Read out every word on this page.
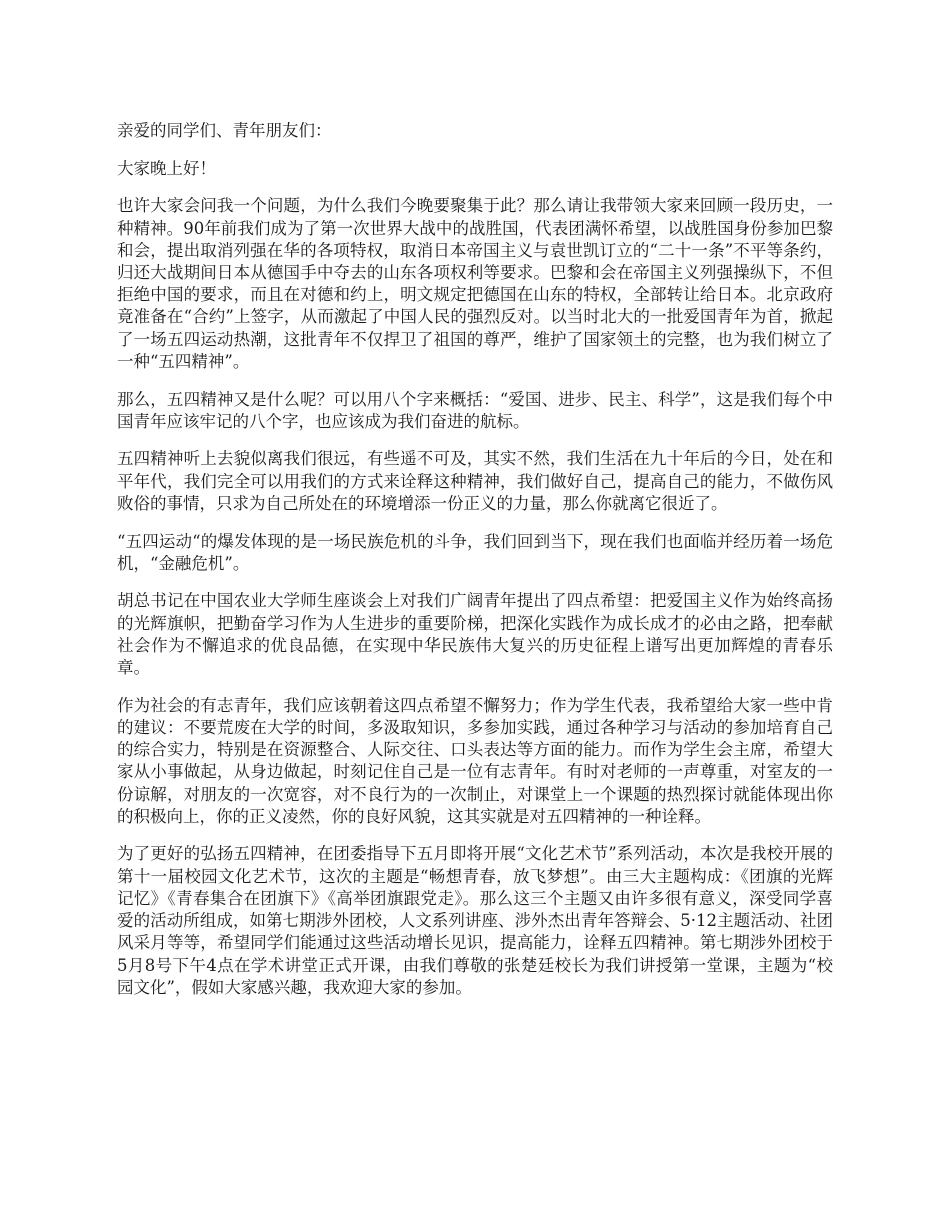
亲爱的同学们、青年朋友们：

大家晚上好！

也许大家会问我一个问题，为什么我们今晚要聚集于此？那么请让我带领大家来回顾一段历史，一种精神。90年前我们成为了第一次世界大战中的战胜国，代表团满怀希望，以战胜国身份参加巴黎和会，提出取消列强在华的各项特权，取消日本帝国主义与袁世凯订立的“二十一条”不平等条约，归还大战期间日本从德国手中夺去的山东各项权利等要求。巴黎和会在帝国主义列强操纵下，不但拒绝中国的要求，而且在对德和约上，明文规定把德国在山东的特权，全部转让给日本。北京政府竟准备在“合约”上签字，从而激起了中国人民的强烈反对。以当时北大的一批爱国青年为首，掀起了一场五四运动热潮，这批青年不仅捍卫了祖国的尊严，维护了国家领土的完整，也为我们树立了一种“五四精神”。

那么，五四精神又是什么呢？可以用八个字来概括：“爱国、进步、民主、科学”，这是我们每个中国青年应该牢记的八个字，也应该成为我们奋进的航标。

五四精神听上去貌似离我们很远，有些遥不可及，其实不然，我们生活在九十年后的今日，处在和平年代，我们完全可以用我们的方式来诠释这种精神，我们做好自己，提高自己的能力，不做伤风败俗的事情，只求为自己所处在的环境增添一份正义的力量，那么你就离它很近了。

“五四运动“的爆发体现的是一场民族危机的斗争，我们回到当下，现在我们也面临并经历着一场危机，“金融危机”。

胡总书记在中国农业大学师生座谈会上对我们广阔青年提出了四点希望：把爱国主义作为始终高扬的光辉旗帜，把勤奋学习作为人生进步的重要阶梯，把深化实践作为成长成才的必由之路，把奉献社会作为不懈追求的优良品德，在实现中华民族伟大复兴的历史征程上谱写出更加辉煌的青春乐章。

作为社会的有志青年，我们应该朝着这四点希望不懈努力；作为学生代表，我希望给大家一些中肯的建议：不要荒废在大学的时间，多汲取知识，多参加实践，通过各种学习与活动的参加培育自己的综合实力，特别是在资源整合、人际交往、口头表达等方面的能力。而作为学生会主席，希望大家从小事做起，从身边做起，时刻记住自己是一位有志青年。有时对老师的一声尊重，对室友的一份谅解，对朋友的一次宽容，对不良行为的一次制止，对课堂上一个课题的热烈探讨就能体现出你的积极向上，你的正义凌然，你的良好风貌，这其实就是对五四精神的一种诠释。

为了更好的弘扬五四精神，在团委指导下五月即将开展“文化艺术节”系列活动，本次是我校开展的第十一届校园文化艺术节，这次的主题是“畅想青春，放飞梦想”。由三大主题构成：《团旗的光辉记忆》《青春集合在团旗下》《高举团旗跟党走》。那么这三个主题又由许多很有意义，深受同学喜爱的活动所组成，如第七期涉外团校，人文系列讲座、涉外杰出青年答辩会、5·12主题活动、社团风采月等等，希望同学们能通过这些活动增长见识，提高能力，诠释五四精神。第七期涉外团校于5月8号下午4点在学术讲堂正式开课，由我们尊敬的张楚廷校长为我们讲授第一堂课，主题为“校园文化”，假如大家感兴趣，我欢迎大家的参加。
